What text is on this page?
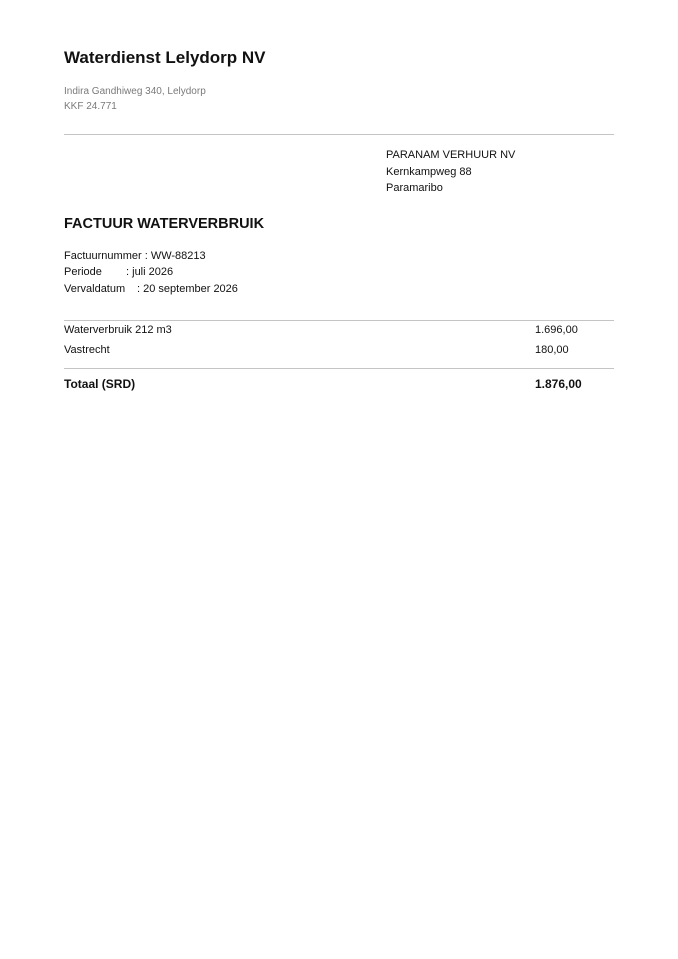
Waterdienst Lelydorp NV
Indira Gandhiweg 340, Lelydorp
KKF 24.771
PARANAM VERHUUR NV
Kernkampweg 88
Paramaribo
FACTUUR WATERVERBRUIK
Factuurnummer : WW-88213
Periode	: juli 2026
Vervaldatum	: 20 september 2026
Waterverbruik 212 m3	1.696,00
Vastrecht	180,00
Totaal (SRD)	1.876,00
